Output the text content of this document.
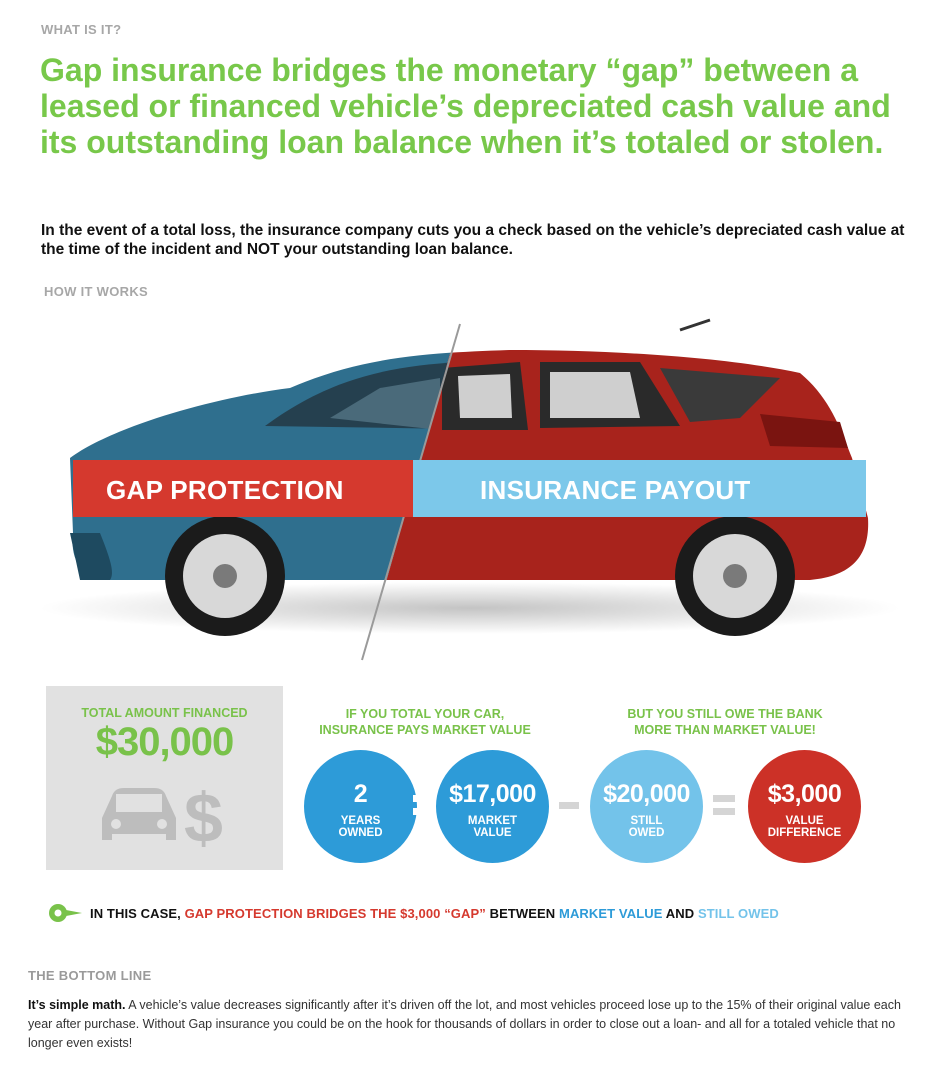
WHAT IS IT?
Gap insurance bridges the monetary “gap” between a leased or financed vehicle’s depreciated cash value and its outstanding loan balance when it’s totaled or stolen.
In the event of a total loss, the insurance company cuts you a check based on the vehicle’s depreciated cash value at the time of the incident and NOT your outstanding loan balance.
HOW IT WORKS
GAP PROTECTION	INSURANCE PAYOUT
TOTAL AMOUNT FINANCED
$30,000
$
IF YOU TOTAL YOUR CAR,
INSURANCE PAYS MARKET VALUE
BUT YOU STILL OWE THE BANK
MORE THAN MARKET VALUE!
2
YEARS
OWNED
$17,000
MARKET
VALUE
$20,000
STILL
OWED
$3,000
VALUE
DIFFERENCE
IN THIS CASE, GAP PROTECTION BRIDGES THE $3,000 “GAP” BETWEEN MARKET VALUE AND STILL OWED
THE BOTTOM LINE
It’s simple math. A vehicle’s value decreases significantly after it’s driven off the lot, and most vehicles proceed lose up to the 15% of their original value each year after purchase. Without Gap insurance you could be on the hook for thousands of dollars in order to close out a loan- and all for a totaled vehicle that no longer even exists!
